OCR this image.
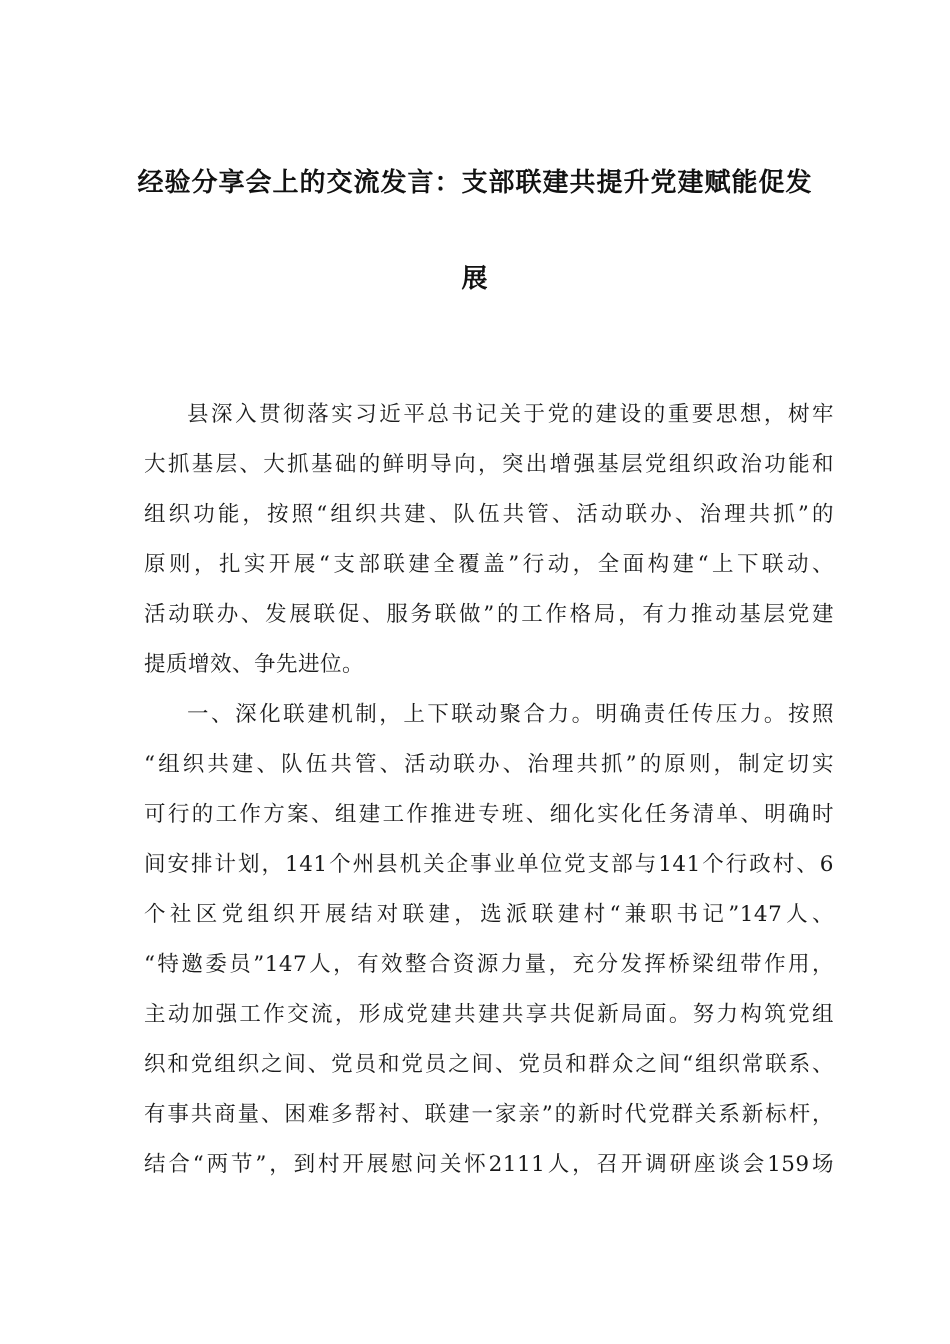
经验分享会上的交流发言：支部联建共提升党建赋能促发
展
县深入贯彻落实习近平总书记关于党的建设的重要思想，树牢
大抓基层、大抓基础的鲜明导向，突出增强基层党组织政治功能和
组织功能，按照“组织共建、队伍共管、活动联办、治理共抓”的
原则，扎实开展“支部联建全覆盖”行动，全面构建“上下联动、
活动联办、发展联促、服务联做”的工作格局，有力推动基层党建
提质增效、争先进位。
一、深化联建机制，上下联动聚合力。明确责任传压力。按照
“组织共建、队伍共管、活动联办、治理共抓”的原则，制定切实
可行的工作方案、组建工作推进专班、细化实化任务清单、明确时
间安排计划，141个州县机关企事业单位党支部与141个行政村、6
个社区党组织开展结对联建，选派联建村“兼职书记”147人、
“特邀委员”147人，有效整合资源力量，充分发挥桥梁纽带作用，
主动加强工作交流，形成党建共建共享共促新局面。努力构筑党组
织和党组织之间、党员和党员之间、党员和群众之间“组织常联系、
有事共商量、困难多帮衬、联建一家亲”的新时代党群关系新标杆，
结合“两节”，到村开展慰问关怀2111人，召开调研座谈会159场
